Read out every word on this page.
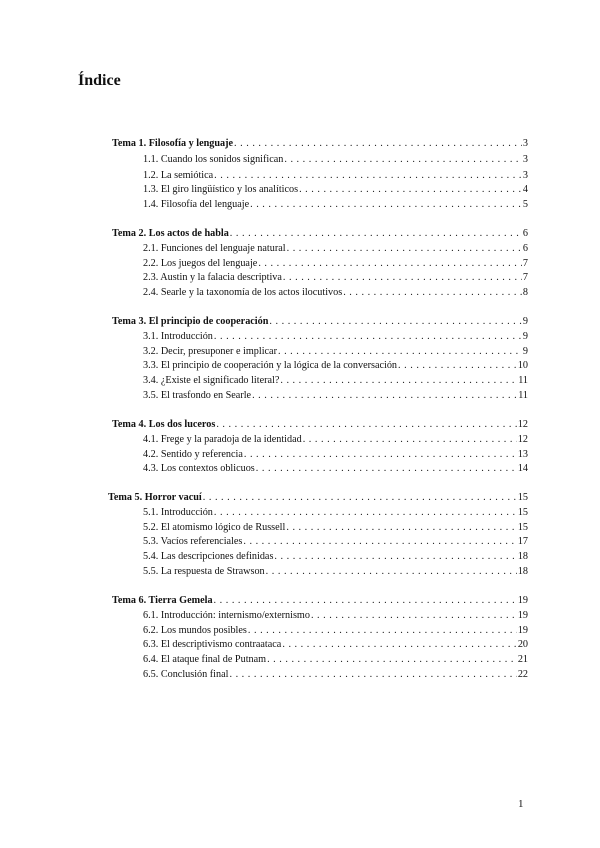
Índice
Tema 1. Filosofía y lenguaje . . .	3
1.1. Cuando los sonidos significan . . .	3
1.2. La semiótica . . .	3
1.3. El giro lingüístico y los analíticos . . .	4
1.4. Filosofía del lenguaje . . .	5
Tema 2. Los actos de habla . . .	6
2.1. Funciones del lenguaje natural . . .	6
2.2. Los juegos del lenguaje . . .	7
2.3. Austin y la falacia descriptiva . . .	7
2.4. Searle y la taxonomía de los actos ilocutivos . . .	8
Tema 3. El principio de cooperación . . .	9
3.1. Introducción . . .	9
3.2. Decir, presuponer e implicar . . .	9
3.3. El principio de cooperación y la lógica de la conversación . . .	10
3.4. ¿Existe el significado literal? . . .	11
3.5. El trasfondo en Searle . . .	11
Tema 4. Los dos luceros . . .	12
4.1. Frege y la paradoja de la identidad . . .	12
4.2. Sentido y referencia . . .	13
4.3. Los contextos oblicuos . . .	14
Tema 5. Horror vacuí . . .	15
5.1. Introducción . . .	15
5.2. El atomismo lógico de Russell . . .	15
5.3. Vacíos referenciales . . .	17
5.4. Las descripciones definidas . . .	18
5.5. La respuesta de Strawson . . .	18
Tema 6. Tierra Gemela . . .	19
6.1. Introducción: internismo/externismo . . .	19
6.2. Los mundos posibles . . .	19
6.3. El descriptivismo contraataca . . .	20
6.4. El ataque final de Putnam . . .	21
6.5. Conclusión final . . .	22
1
